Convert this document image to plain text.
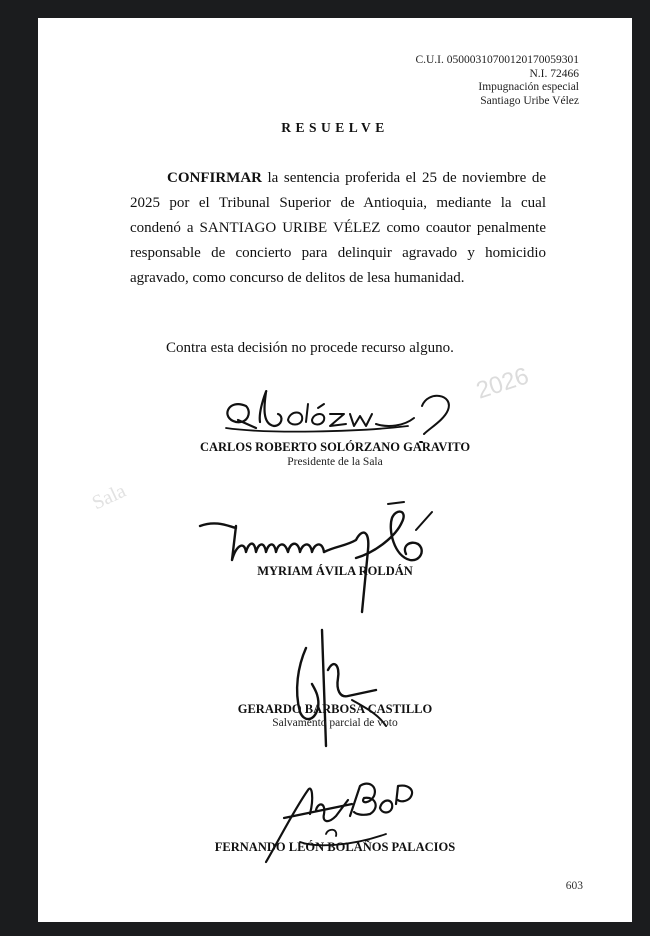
C.U.I. 05000310700120170059301
N.I. 72466
Impugnación especial
Santiago Uribe Vélez
RESUELVE
CONFIRMAR la sentencia proferida el 25 de noviembre de 2025 por el Tribunal Superior de Antioquia, mediante la cual condenó a SANTIAGO URIBE VÉLEZ como coautor penalmente responsable de concierto para delinquir agravado y homicidio agravado, como concurso de delitos de lesa humanidad.
Contra esta decisión no procede recurso alguno.
2026
Sala
CARLOS ROBERTO SOLÓRZANO GARAVITO
Presidente de la Sala
MYRIAM ÁVILA ROLDÁN
GERARDO BARBOSA CASTILLO
Salvamento parcial de voto
FERNANDO LEÓN BOLAÑOS PALACIOS
603
